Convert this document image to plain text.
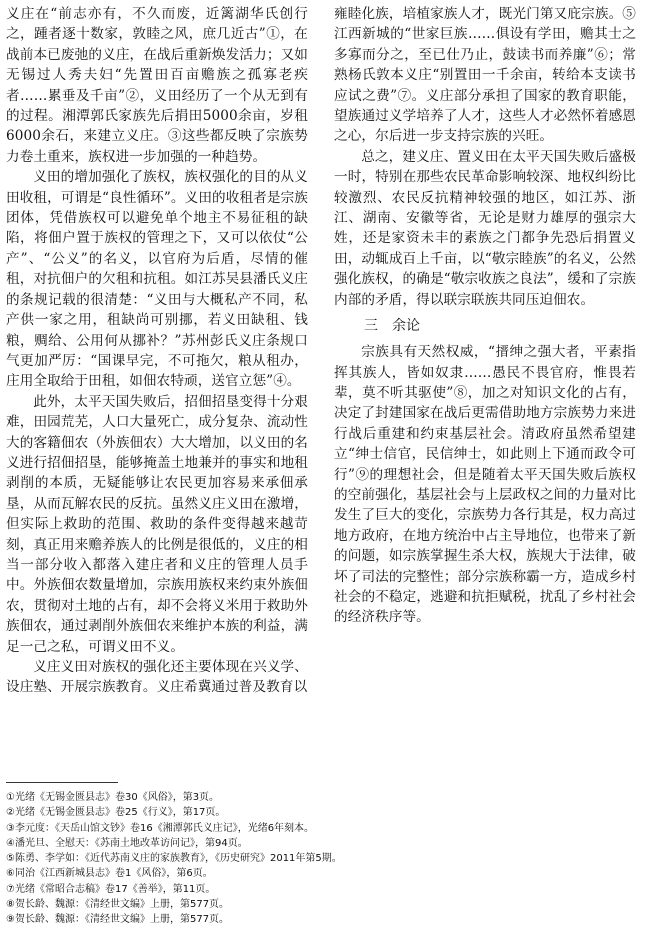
义庄在“前志亦有，不久而废，近篱湖华氏创行之，踵者逐十数家，敦睦之风，庶几近古”①，在战前本已废弛的义庄，在战后重新焕发活力；又如无锡过人秀夫妇“先置田百亩赡族之孤寡老疾者……累垂及千亩”②，义田经历了一个从无到有的过程。湘潭郭氏家族先后捐田5000余亩，岁租6000余石，来建立义庄。③这些都反映了宗族势力卷土重来，族权进一步加强的一种趋势。

义田的增加强化了族权，族权强化的目的从义田收租，可谓是“良性循环”。义田的收租者是宗族团体，凭借族权可以避免单个地主不易征租的缺陷，将佃户置于族权的管理之下，又可以依仗“公产”、“公义”的名义，以官府为后盾，尽情的催租，对抗佃户的欠租和抗租。如江苏吴县潘氏义庄的条规记载的很清楚：“义田与大概私产不同，私产供一家之用，租缺尚可别挪，若义田缺租、钱粮，赒给、公用何从挪补？”苏州彭氏义庄条规口气更加严厉：“国课早完，不可拖欠，粮从租办，庄用全取给于田租，如佃农特顽，送官立惩”④。

此外，太平天国失败后，招佃招垦变得十分艰难，田园荒芜，人口大量死亡，成分复杂、流动性大的客籍佃农（外族佃农）大大增加，以义田的名义进行招佃招垦，能够掩盖土地兼并的事实和地租剥削的本质，无疑能够让农民更加容易来承佃承垦，从而瓦解农民的反抗。虽然义庄义田在激增，但实际上救助的范围、救助的条件变得越来越苛刻，真正用来赡养族人的比例是很低的，义庄的相当一部分收入都落入建庄者和义庄的管理人员手中。外族佃农数量增加，宗族用族权来约束外族佃农，贯彻对土地的占有，却不会将义米用于救助外族佃农，通过剥削外族佃农来维护本族的利益，满足一己之私，可谓义田不义。

义庄义田对族权的强化还主要体现在兴义学、设庄塾、开展宗族教育。义庄希冀通过普及教育以

雍睦化族，培植家族人才，既光门第又庇宗族。⑤江西新城的“世家巨族……俱设有学田，赡其士之多寡而分之，至已仕乃止，鼓读书而养廉”⑥；常熟杨氏敦本义庄“别置田一千余亩，转给本支读书应试之费”⑦。义庄部分承担了国家的教育职能，望族通过义学培养了人才，这些人才必然怀着感恩之心，尔后进一步支持宗族的兴旺。

总之，建义庄、置义田在太平天国失败后盛极一时，特别在那些农民革命影响较深、地权纠纷比较激烈、农民反抗精神较强的地区，如江苏、浙江、湖南、安徽等省，无论是财力雄厚的强宗大姓，还是家资未丰的素族之门都争先恐后捐置义田，动辄成百上千亩，以“敬宗睦族”的名义，公然强化族权，的确是“敬宗收族之良法”，缓和了宗族内部的矛盾，得以联宗联族共同压迫佃农。

三　余论

宗族具有天然权威，“搢绅之强大者，平素指挥其族人，皆如奴隶……愚民不畏官府，惟畏若辈，莫不听其驱使”⑧，加之对知识文化的占有，决定了封建国家在战后更需借助地方宗族势力来进行战后重建和约束基层社会。清政府虽然希望建立“绅士信官，民信绅士，如此则上下通而政令可行”⑨的理想社会，但是随着太平天国失败后族权的空前强化，基层社会与上层政权之间的力量对比发生了巨大的变化，宗族势力各行其是，权力高过地方政府，在地方统治中占主导地位，也带来了新的问题，如宗族掌握生杀大权，族规大于法律，破坏了司法的完整性；部分宗族称霸一方，造成乡村社会的不稳定，逃避和抗拒赋税，扰乱了乡村社会的经济秩序等。

①光绪《无锡金匮县志》卷30《风俗》，第3页。

②光绪《无锡金匮县志》卷25《行义》，第17页。

③李元度：《天岳山馆文钞》卷16《湘潭郭氏义庄记》，光绪6年刻本。

④潘光旦、全慰天：《苏南土地改革访问记》，第94页。

⑤陈勇、李学如：《近代苏南义庄的家族教育》，《历史研究》2011年第5期。

⑥同治《江西新城县志》卷1《风俗》，第6页。

⑦光绪《常昭合志稿》卷17《善举》，第11页。

⑧贺长龄、魏源：《清经世文编》上册，第577页。

⑨贺长龄、魏源：《清经世文编》上册，第577页。
